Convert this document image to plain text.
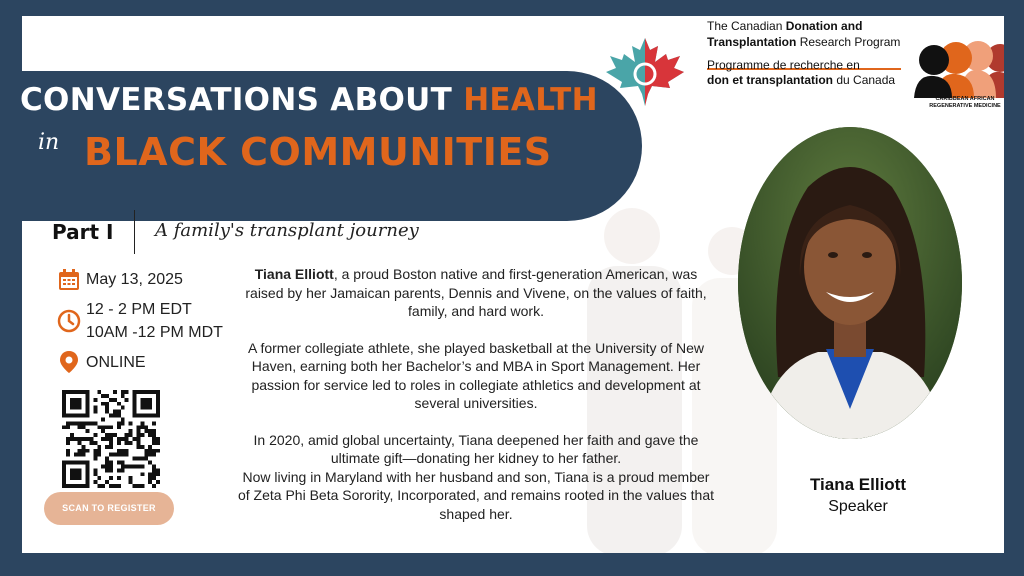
The Canadian Donation and
Transplantation Research Program
Programme de recherche en
don et transplantation du Canada
CARIBBEAN AFRICAN
REGENERATIVE MEDICINE
CONVERSATIONS ABOUT HEALTH
in BLACK COMMUNITIES
Part I A family's transplant journey
May 13, 2025
12 - 2 PM EDT
10AM -12 PM MDT
ONLINE
SCAN TO REGISTER

Tiana Elliott, a proud Boston native and first-generation American, was raised by her Jamaican parents, Dennis and Vivene, on the values of faith, family, and hard work.

A former collegiate athlete, she played basketball at the University of New Haven, earning both her Bachelor’s and MBA in Sport Management. Her passion for service led to roles in collegiate athletics and development at several universities.

In 2020, amid global uncertainty, Tiana deepened her faith and gave the ultimate gift—donating her kidney to her father.
Now living in Maryland with her husband and son, Tiana is a proud member of Zeta Phi Beta Sorority, Incorporated, and remains rooted in the values that shaped her.

Tiana Elliott
Speaker
